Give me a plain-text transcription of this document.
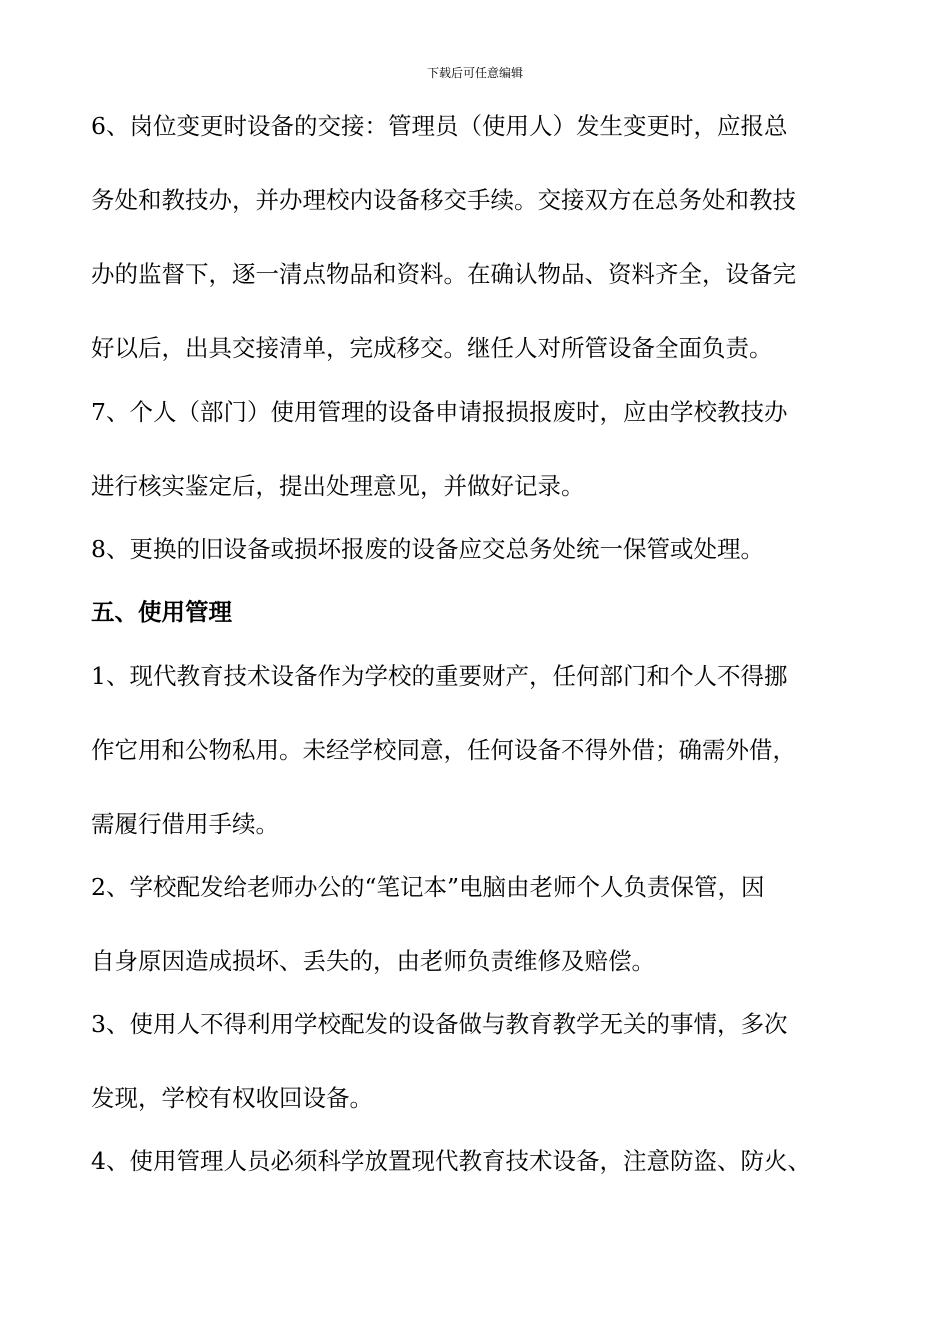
下载后可任意编辑
6、岗位变更时设备的交接：管理员（使用人）发生变更时，应报总
务处和教技办，并办理校内设备移交手续。交接双方在总务处和教技
办的监督下，逐一清点物品和资料。在确认物品、资料齐全，设备完
好以后，出具交接清单，完成移交。继任人对所管设备全面负责。
7、个人（部门）使用管理的设备申请报损报废时，应由学校教技办
进行核实鉴定后，提出处理意见，并做好记录。
8、更换的旧设备或损坏报废的设备应交总务处统一保管或处理。
五、使用管理
1、现代教育技术设备作为学校的重要财产，任何部门和个人不得挪
作它用和公物私用。未经学校同意，任何设备不得外借；确需外借，
需履行借用手续。
2、学校配发给老师办公的“笔记本”电脑由老师个人负责保管，因
自身原因造成损坏、丢失的，由老师负责维修及赔偿。
3、使用人不得利用学校配发的设备做与教育教学无关的事情，多次
发现，学校有权收回设备。
4、使用管理人员必须科学放置现代教育技术设备，注意防盗、防火、
